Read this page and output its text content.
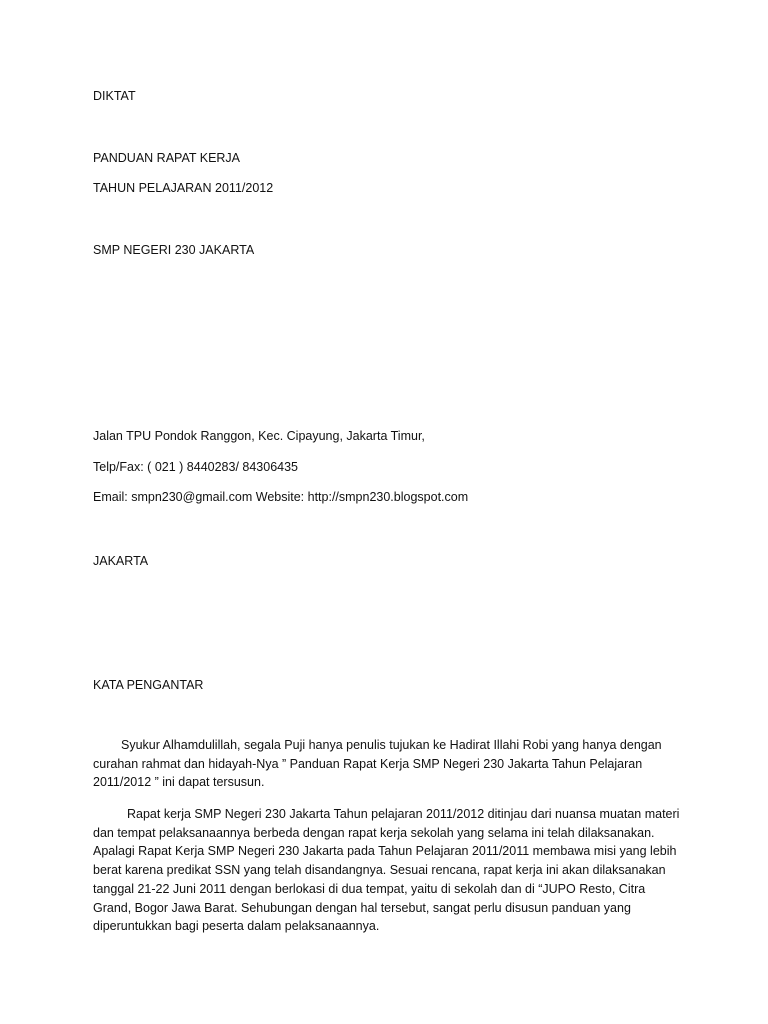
DIKTAT

PANDUAN RAPAT KERJA

TAHUN PELAJARAN 2011/2012

SMP NEGERI 230 JAKARTA

Jalan TPU Pondok Ranggon, Kec. Cipayung, Jakarta Timur,

Telp/Fax: ( 021 ) 8440283/ 84306435

Email: smpn230@gmail.com Website: http://smpn230.blogspot.com

JAKARTA

KATA PENGANTAR

Syukur Alhamdulillah, segala Puji hanya penulis tujukan ke Hadirat Illahi Robi yang hanya dengan curahan rahmat dan hidayah-Nya ” Panduan Rapat Kerja SMP Negeri 230 Jakarta Tahun Pelajaran 2011/2012 ” ini dapat tersusun.

Rapat kerja SMP Negeri 230 Jakarta Tahun pelajaran 2011/2012 ditinjau dari nuansa muatan materi dan tempat pelaksanaannya berbeda dengan rapat kerja sekolah yang selama ini telah dilaksanakan. Apalagi Rapat Kerja SMP Negeri 230 Jakarta pada Tahun Pelajaran 2011/2011 membawa misi yang lebih berat karena predikat SSN yang telah disandangnya. Sesuai rencana, rapat kerja ini akan dilaksanakan tanggal 21-22 Juni 2011 dengan berlokasi di dua tempat, yaitu di sekolah dan di “JUPO Resto, Citra Grand, Bogor Jawa Barat. Sehubungan dengan hal tersebut, sangat perlu disusun panduan yang diperuntukkan bagi peserta dalam pelaksanaannya.
